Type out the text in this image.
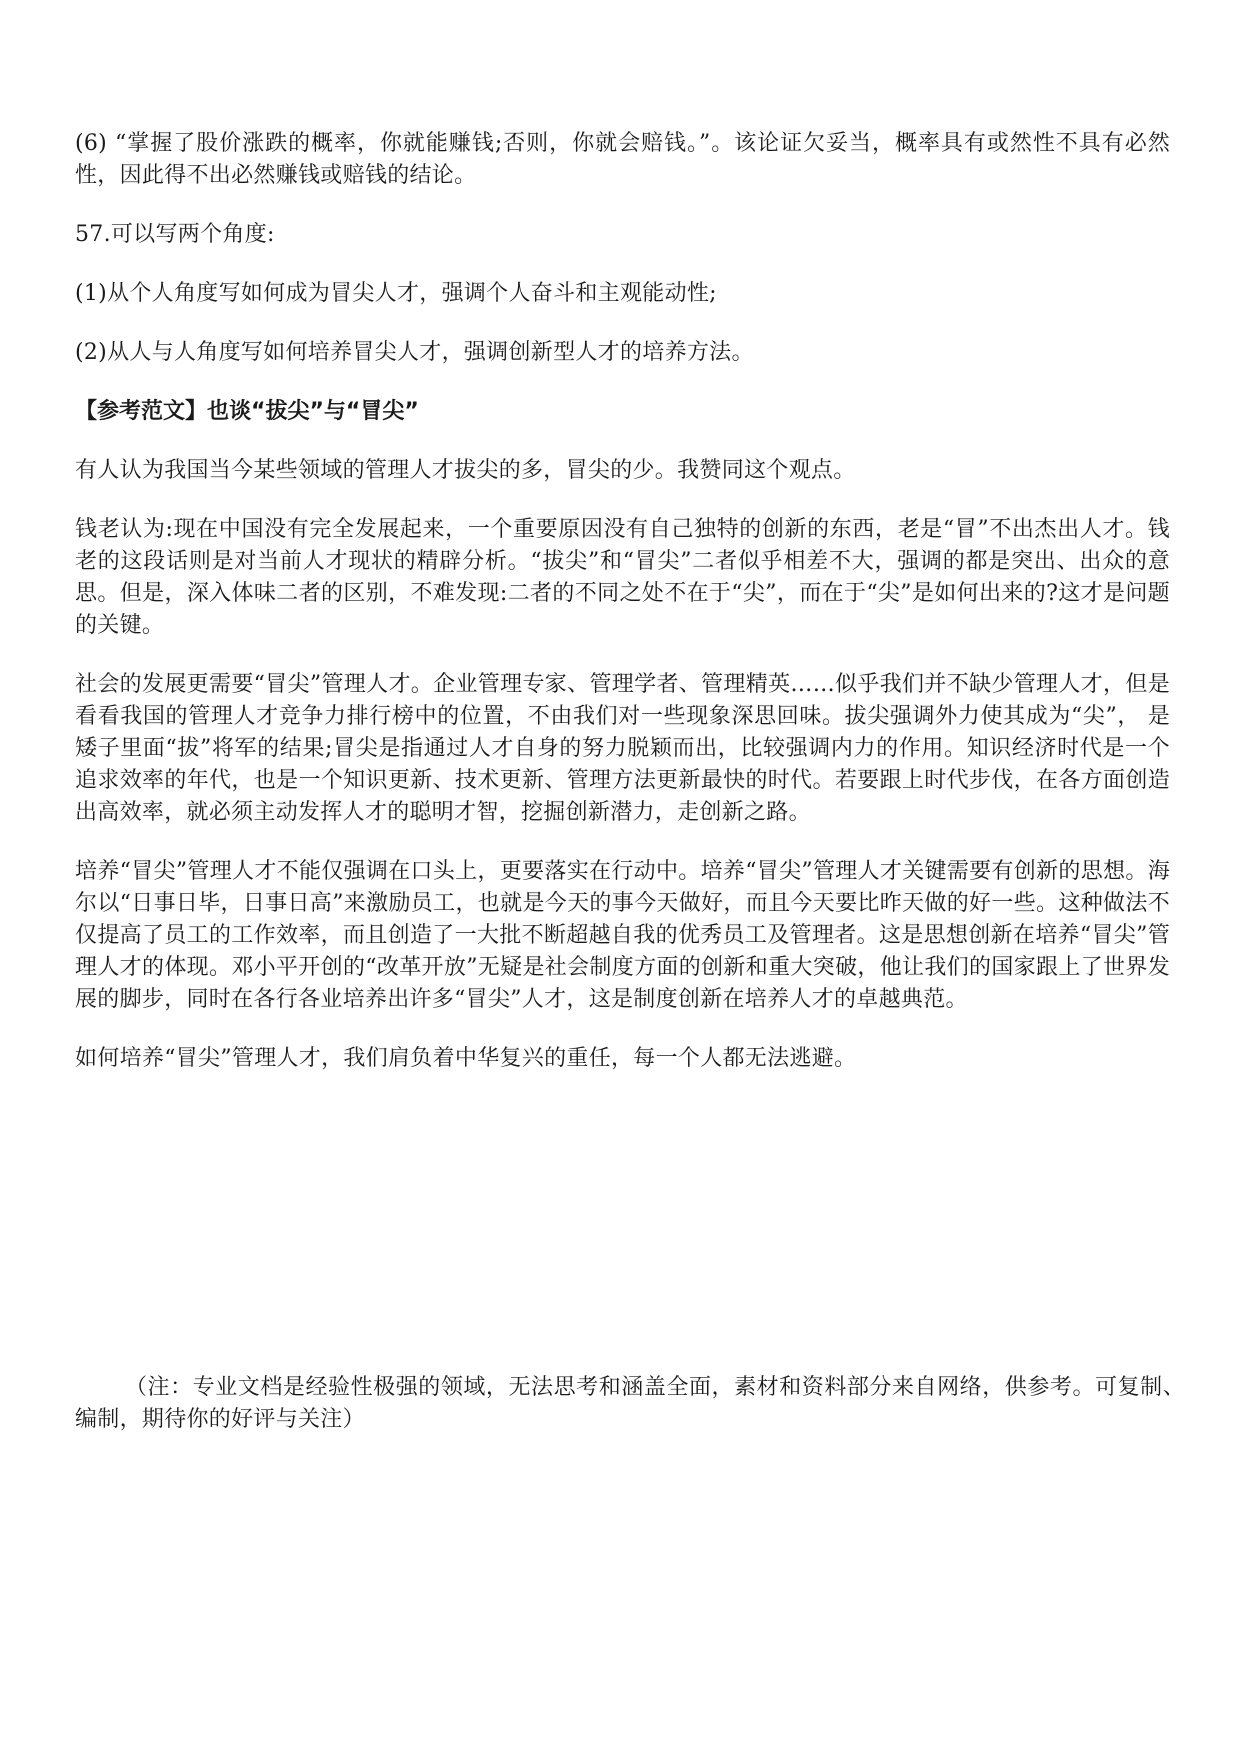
(6) “掌握了股价涨跌的概率，你就能赚钱;否则，你就会赔钱。”。该论证欠妥当，概率具有或然性不具有必然性，因此得不出必然赚钱或赔钱的结论。

57.可以写两个角度:

(1)从个人角度写如何成为冒尖人才，强调个人奋斗和主观能动性;

(2)从人与人角度写如何培养冒尖人才，强调创新型人才的培养方法。

【参考范文】也谈“拔尖”与“冒尖”

有人认为我国当今某些领域的管理人才拔尖的多，冒尖的少。我赞同这个观点。

钱老认为:现在中国没有完全发展起来，一个重要原因没有自己独特的创新的东西，老是“冒”不出杰出人才。钱老的这段话则是对当前人才现状的精辟分析。“拔尖”和“冒尖”二者似乎相差不大，强调的都是突出、出众的意思。但是，深入体味二者的区别，不难发现:二者的不同之处不在于“尖”，而在于“尖”是如何出来的?这才是问题的关键。

社会的发展更需要“冒尖”管理人才。企业管理专家、管理学者、管理精英……似乎我们并不缺少管理人才，但是看看我国的管理人才竞争力排行榜中的位置，不由我们对一些现象深思回味。拔尖强调外力使其成为“尖”， 是矮子里面“拔”将军的结果;冒尖是指通过人才自身的努力脱颖而出，比较强调内力的作用。知识经济时代是一个追求效率的年代，也是一个知识更新、技术更新、管理方法更新最快的时代。若要跟上时代步伐，在各方面创造出高效率，就必须主动发挥人才的聪明才智，挖掘创新潜力，走创新之路。

培养“冒尖”管理人才不能仅强调在口头上，更要落实在行动中。培养“冒尖”管理人才关键需要有创新的思想。海尔以“日事日毕，日事日高”来激励员工，也就是今天的事今天做好，而且今天要比昨天做的好一些。这种做法不仅提高了员工的工作效率，而且创造了一大批不断超越自我的优秀员工及管理者。这是思想创新在培养“冒尖”管理人才的体现。邓小平开创的“改革开放”无疑是社会制度方面的创新和重大突破，他让我们的国家跟上了世界发展的脚步，同时在各行各业培养出许多“冒尖”人才，这是制度创新在培养人才的卓越典范。

如何培养“冒尖”管理人才，我们肩负着中华复兴的重任，每一个人都无法逃避。

（注：专业文档是经验性极强的领域，无法思考和涵盖全面，素材和资料部分来自网络，供参考。可复制、编制，期待你的好评与关注）
